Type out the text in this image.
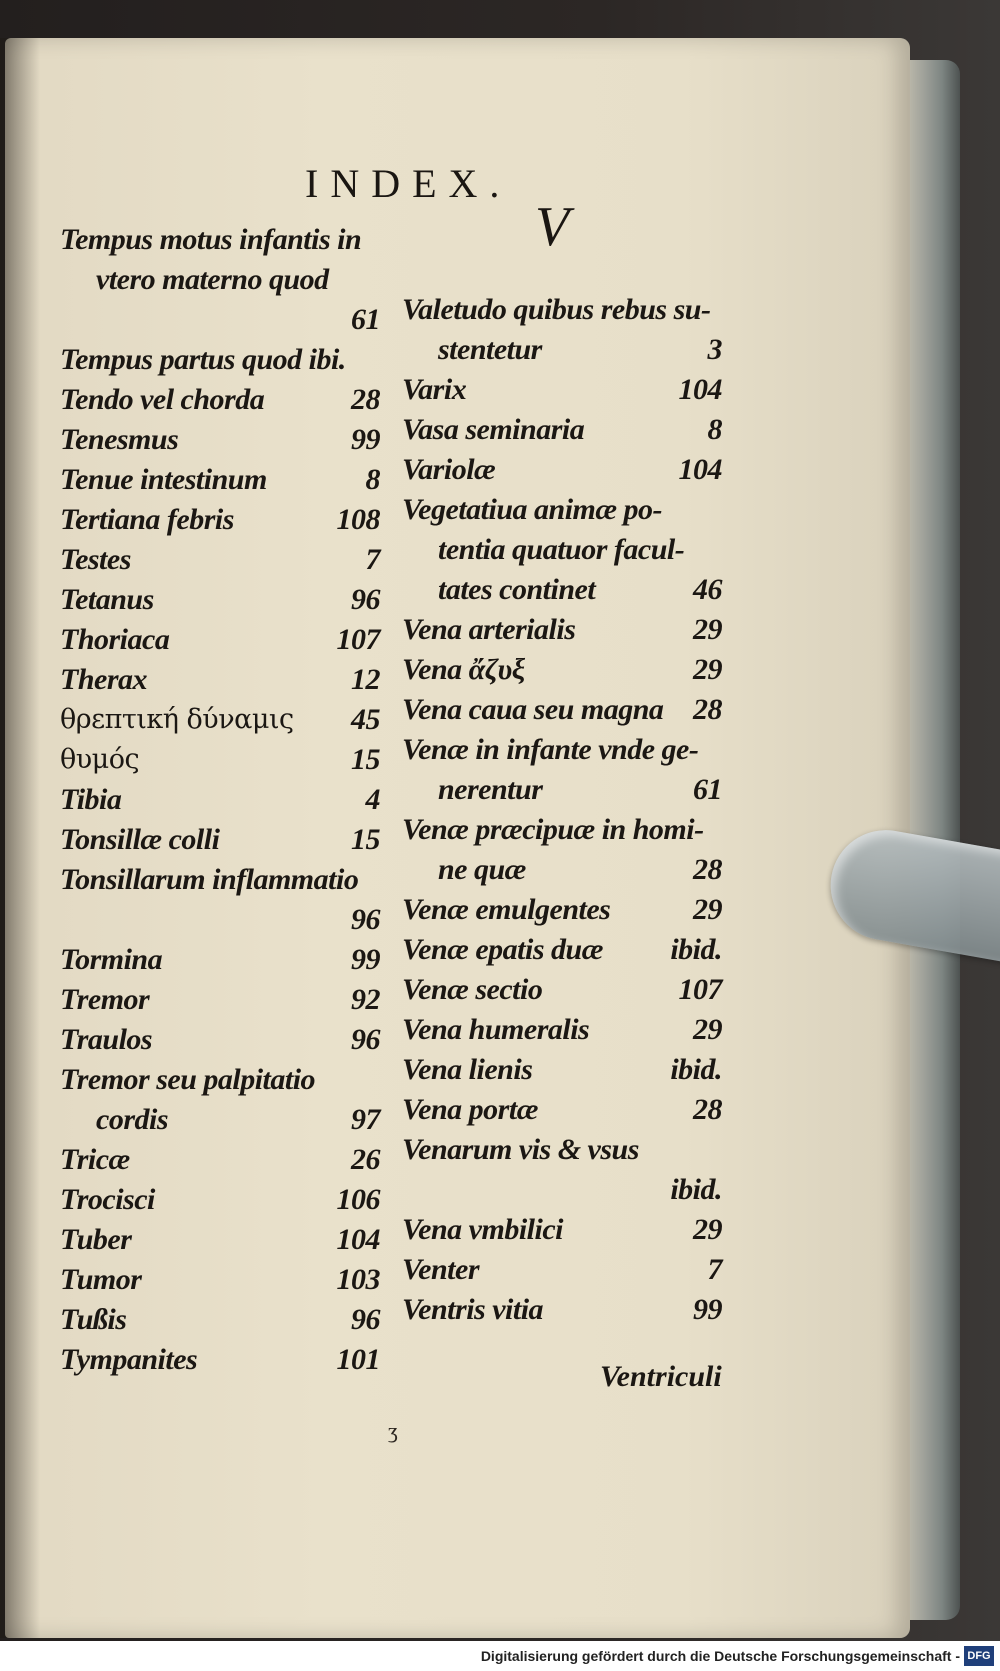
INDEX.
V
Tempus motus infantis in
vtero materno quod
61
Tempus partus quod ibi.
Tendo vel chorda	28
Tenesmus	99
Tenue intestinum	8
Tertiana febris	108
Testes	7
Tetanus	96
Thoriaca	107
Therax	12
θρεπτική δύναμις	45
θυμός	15
Tibia	4
Tonsillæ colli	15
Tonsillarum inflammatio
96
Tormina	99
Tremor	92
Traulos	96
Tremor seu palpitatio
cordis	97
Tricæ	26
Trocisci	106
Tuber	104
Tumor	103
Tußis	96
Tympanites	101
Valetudo quibus rebus su-
stentetur	3
Varix	104
Vasa seminaria	8
Variolæ	104
Vegetatiua animæ po-
tentia quatuor facul-
tates continet	46
Vena arterialis	29
Vena ἄζυξ	29
Vena caua seu magna 28
Venæ in infante vnde ge-
nerentur	61
Venæ præcipuæ in homi-
ne quæ	28
Venæ emulgentes	29
Venæ epatis duæ	ibid.
Venæ sectio	107
Vena humeralis	29
Vena lienis	ibid.
Vena portæ	28
Venarum vis & vsus
ibid.
Vena vmbilici	29
Venter	7
Ventris vitia	99
Ventriculi
ʒ
Digitalisierung gefördert durch die Deutsche Forschungsgemeinschaft - DFG
